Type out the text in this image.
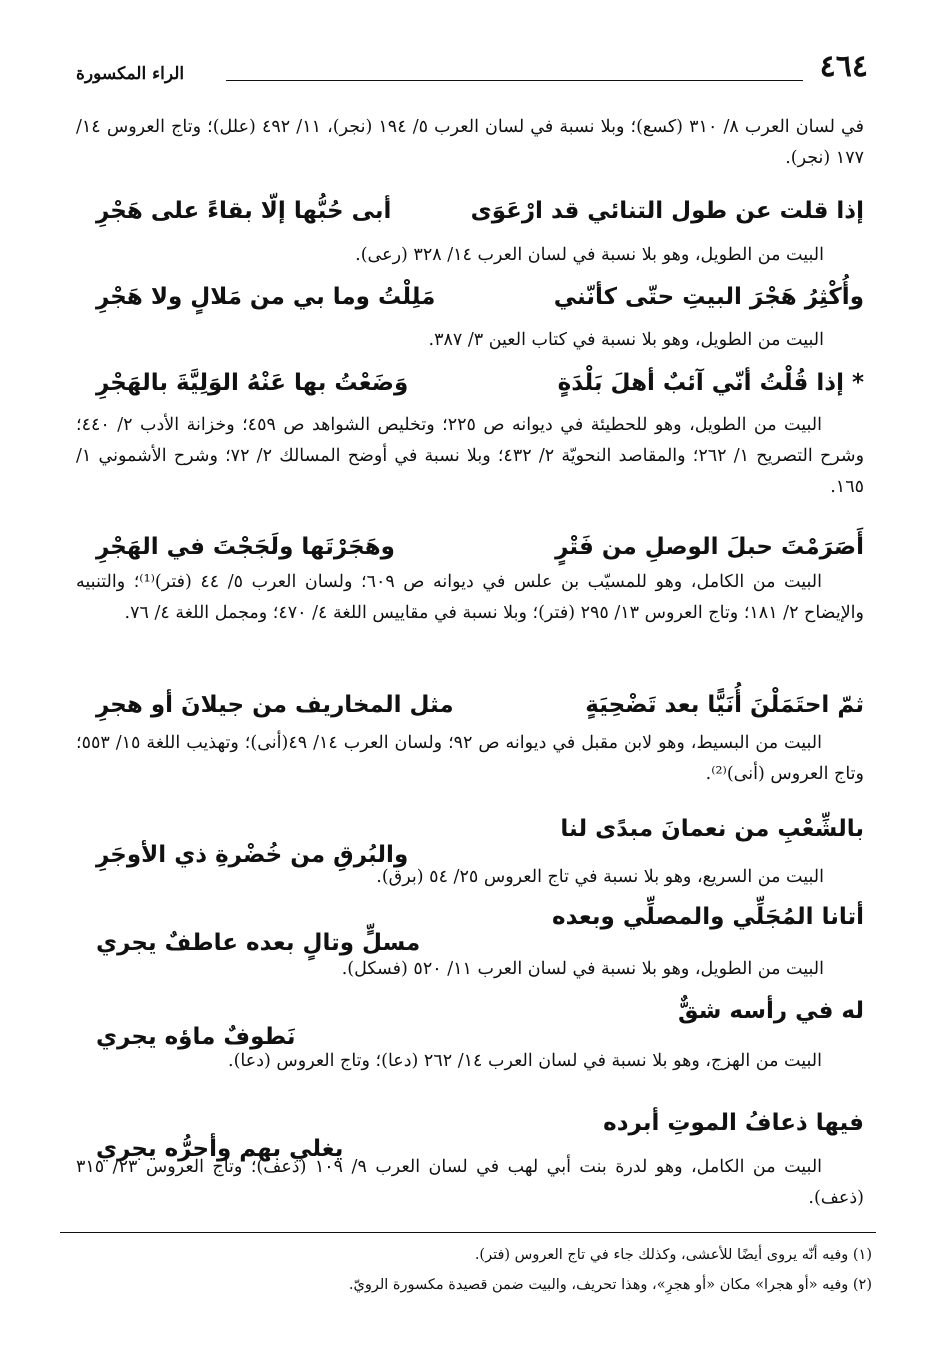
٤٦٤
الراء المكسورة
في لسان العرب ٨/ ٣١٠ (كسع)؛ وبلا نسبة في لسان العرب ٥/ ١٩٤ (نجر)، ١١/ ٤٩٢ (علل)؛ وتاج العروس ١٤/ ١٧٧ (نجر).
إذا قلت عن طول التنائي قد ارْعَوَى
أبى حُبُّها إلّا بقاءً على هَجْرِ
البيت من الطويل، وهو بلا نسبة في لسان العرب ١٤/ ٣٢٨ (رعى).
وأُكْثِرُ هَجْرَ البيتِ حتّى كأنّني
مَلِلْتُ وما بي من مَلالٍ ولا هَجْرِ
البيت من الطويل، وهو بلا نسبة في كتاب العين ٣/ ٣٨٧.
* إذا قُلْتُ أنّي آئبٌ أهلَ بَلْدَةٍ
وَضَعْتُ بها عَنْهُ الوَلِيَّةَ بالهَجْرِ
البيت من الطويل، وهو للحطيئة في ديوانه ص ٢٢٥؛ وتخليص الشواهد ص ٤٥٩؛ وخزانة الأدب ٢/ ٤٤٠؛ وشرح التصريح ١/ ٢٦٢؛ والمقاصد النحويّة ٢/ ٤٣٢؛ وبلا نسبة في أوضح المسالك ٢/ ٧٢؛ وشرح الأشموني ١/ ١٦٥.
أَصَرَمْتَ حبلَ الوصلِ من فَتْرٍ
وهَجَرْتَها ولَجَجْتَ في الهَجْرِ
البيت من الكامل، وهو للمسيّب بن علس في ديوانه ص ٦٠٩؛ ولسان العرب ٥/ ٤٤ (فتر)⁽¹⁾؛ والتنبيه والإيضاح ٢/ ١٨١؛ وتاج العروس ١٣/ ٢٩٥ (فتر)؛ وبلا نسبة في مقاييس اللغة ٤/ ٤٧٠؛ ومجمل اللغة ٤/ ٧٦.
ثمّ احتَمَلْنَ أُنَيًّا بعد تَضْحِيَةٍ
مثل المخاريف من جيلانَ أو هجرِ
البيت من البسيط، وهو لابن مقبل في ديوانه ص ٩٢؛ ولسان العرب ١٤/ ٤٩(أنى)؛ وتهذيب اللغة ١٥/ ٥٥٣؛ وتاج العروس (أنى)⁽²⁾.
بالشِّعْبِ من نعمانَ مبدًى لنا
والبُرقِ من خُضْرةِ ذي الأوجَرِ
البيت من السريع، وهو بلا نسبة في تاج العروس ٢٥/ ٥٤ (برق).
أتانا المُجَلِّي والمصلِّي وبعده
مسلٍّ وتالٍ بعده عاطفٌ يجري
البيت من الطويل، وهو بلا نسبة في لسان العرب ١١/ ٥٢٠ (فسكل).
له في رأسه شقٌّ
نَطوفٌ ماؤه يجري
البيت من الهزج، وهو بلا نسبة في لسان العرب ١٤/ ٢٦٢ (دعا)؛ وتاج العروس (دعا).
فيها ذعافُ الموتِ أبرده
يغلي بهم وأحرُّه يجري
البيت من الكامل، وهو لدرة بنت أبي لهب في لسان العرب ٩/ ١٠٩ (ذعف)؛ وتاج العروس ٢٣/ ٣١٥ (ذعف).
(١) وفيه أنّه يروى أيضًا للأعشى، وكذلك جاء في تاج العروس (فتر).
(٢) وفيه «أو هجرا» مكان «أو هجرِ»، وهذا تحريف، والبيت ضمن قصيدة مكسورة الرويّ.
